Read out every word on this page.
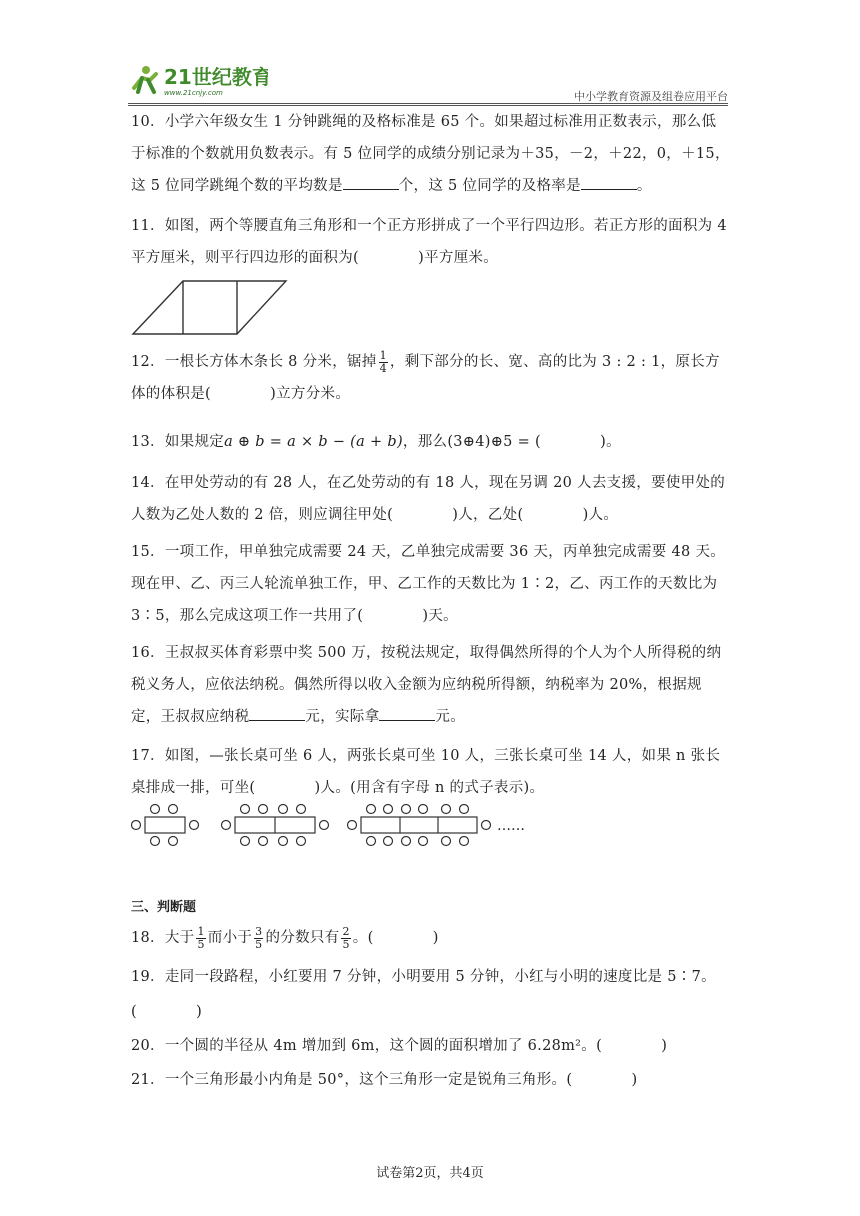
21世纪教育
www.21cnjy.com	中小学教育资源及组卷应用平台
10．小学六年级女生 1 分钟跳绳的及格标准是 65 个。如果超过标准用正数表示，那么低于标准的个数就用负数表示。有 5 位同学的成绩分别记录为＋35，－2，＋22，0，＋15，这 5 位同学跳绳个数的平均数是	个，这 5 位同学的及格率是	。
11．如图，两个等腰直角三角形和一个正方形拼成了一个平行四边形。若正方形的面积为 4 平方厘米，则平行四边形的面积为(　　　　)平方厘米。
12．一根长方体木条长 8 分米，锯掉 $\frac{1}{4}$ ，剩下部分的长、宽、高的比为 3 : 2 : 1，原长方体的体积是(　　　　)立方分米。
13．如果规定a ⊕ b = a × b − (a + b)，那么(3⊕4)⊕5 = (　　　　)。
14．在甲处劳动的有 28 人，在乙处劳动的有 18 人，现在另调 20 人去支援，要使甲处的人数为乙处人数的 2 倍，则应调往甲处(　　　　)人，乙处(　　　　)人。
15．一项工作，甲单独完成需要 24 天，乙单独完成需要 36 天，丙单独完成需要 48 天。现在甲、乙、丙三人轮流单独工作，甲、乙工作的天数比为 1∶2，乙、丙工作的天数比为 3∶5，那么完成这项工作一共用了(　　　　)天。
16．王叔叔买体育彩票中奖 500 万，按税法规定，取得偶然所得的个人为个人所得税的纳税义务人，应依法纳税。偶然所得以收入金额为应纳税所得额，纳税率为 20%，根据规定，王叔叔应纳税	元，实际拿	元。
17．如图，—张长桌可坐 6 人，两张长桌可坐 10 人，三张长桌可坐 14 人，如果 n 张长桌排成一排，可坐(　　　　)人。(用含有字母 n 的式子表示)。
……
三、判断题
18．大于 $\frac{1}{5}$ 而小于 $\frac{3}{5}$ 的分数只有 $\frac{2}{5}$ 。(　　　　)
19．走同一段路程，小红要用 7 分钟，小明要用 5 分钟，小红与小明的速度比是 5∶7。
(　　　　)
20．一个圆的半径从 4m 增加到 6m，这个圆的面积增加了 6.28m²。(　　　　)
21．一个三角形最小内角是 50°，这个三角形一定是锐角三角形。(　　　　)
试卷第2页，共4页
